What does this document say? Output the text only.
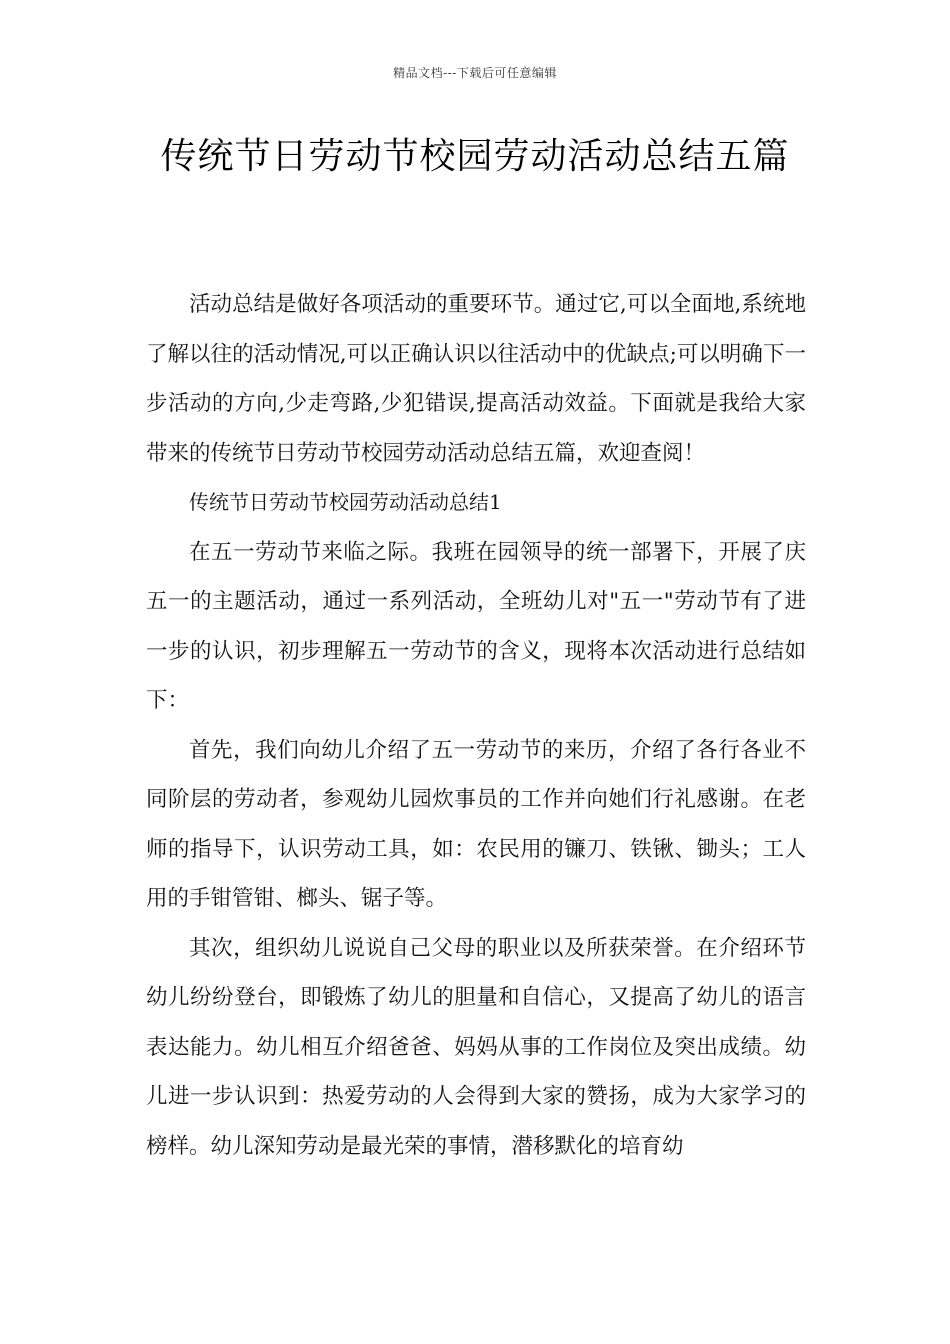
精品文档---下载后可任意编辑
传统节日劳动节校园劳动活动总结五篇

活动总结是做好各项活动的重要环节。通过它,可以全面地,系统地了解以往的活动情况,可以正确认识以往活动中的优缺点;可以明确下一步活动的方向,少走弯路,少犯错误,提高活动效益。下面就是我给大家带来的传统节日劳动节校园劳动活动总结五篇，欢迎查阅！

传统节日劳动节校园劳动活动总结1

在五一劳动节来临之际。我班在园领导的统一部署下，开展了庆五一的主题活动，通过一系列活动，全班幼儿对"五一"劳动节有了进一步的认识，初步理解五一劳动节的含义，现将本次活动进行总结如下：

首先，我们向幼儿介绍了五一劳动节的来历，介绍了各行各业不同阶层的劳动者，参观幼儿园炊事员的工作并向她们行礼感谢。在老师的指导下，认识劳动工具，如：农民用的镰刀、铁锹、锄头；工人用的手钳管钳、榔头、锯子等。

其次，组织幼儿说说自己父母的职业以及所获荣誉。在介绍环节幼儿纷纷登台，即锻炼了幼儿的胆量和自信心，又提高了幼儿的语言表达能力。幼儿相互介绍爸爸、妈妈从事的工作岗位及突出成绩。幼儿进一步认识到：热爱劳动的人会得到大家的赞扬，成为大家学习的榜样。幼儿深知劳动是最光荣的事情，潜移默化的培育幼
